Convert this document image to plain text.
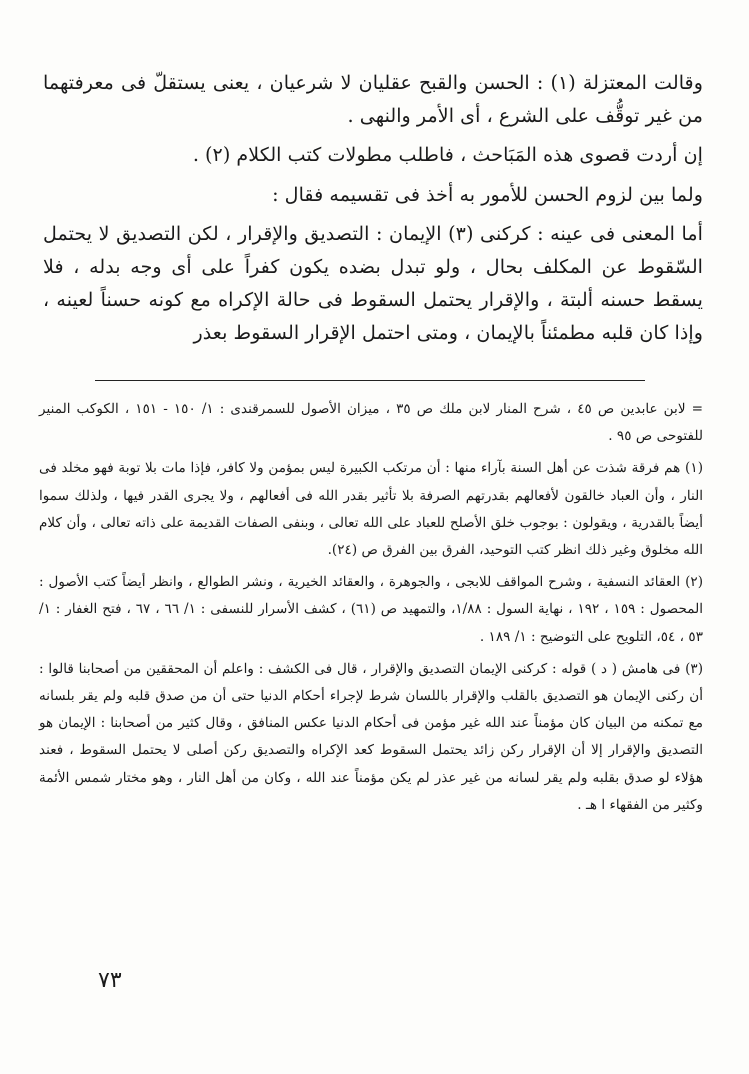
وقالت المعتزلة (١) : الحسن والقبح عقليان لا شرعيان ، يعنى يستقلّ فى معرفتهما من غير توقُّف على الشرع ، أى الأمر والنهى .

إن أردت قصوى هذه المَبَاحث ، فاطلب مطولات كتب الكلام (٢) .

ولما بين لزوم الحسن للأمور به أخذ فى تقسيمه فقال :

أما المعنى فى عينه : كركنى (٣) الإيمان : التصديق والإقرار ، لكن التصديق لا يحتمل السّقوط عن المكلف بحال ، ولو تبدل بضده يكون كفراً على أى وجه بدله ، فلا يسقط حسنه ألبتة ، والإقرار يحتمل السقوط فى حالة الإكراه مع كونه حسناً لعينه ، وإذا كان قلبه مطمئناً بالإيمان ، ومتى احتمل الإقرار السقوط بعذر

= لابن عابدين ص ٤٥ ، شرح المنار لابن ملك ص ٣٥ ، ميزان الأصول للسمرقندى : ١/ ١٥٠ - ١٥١ ، الكوكب المنير للفتوحى ص ٩٥ .

(١) هم فرقة شذت عن أهل السنة بآراء منها : أن مرتكب الكبيرة ليس بمؤمن ولا كافر، فإذا مات بلا توبة فهو مخلد فى النار ، وأن العباد خالقون لأفعالهم بقدرتهم الصرفة بلا تأثير بقدر الله فى أفعالهم ، ولا يجرى القدر فيها ، ولذلك سموا أيضاً بالقدرية ، ويقولون : بوجوب خلق الأصلح للعباد على الله تعالى ، وبنفى الصفات القديمة على ذاته تعالى ، وأن كلام الله مخلوق وغير ذلك انظر كتب التوحيد، الفرق بين الفرق ص (٢٤).

(٢) العقائد النسفية ، وشرح المواقف للابجى ، والجوهرة ، والعقائد الخيرية ، ونشر الطوالع ، وانظر أيضاً كتب الأصول : المحصول : ١٥٩ ، ١٩٢ ، نهاية السول : ١/٨٨، والتمهيد ص (٦١) ، كشف الأسرار للنسفى : ١/ ٦٦ ، ٦٧ ، فتح الغفار : ١/ ٥٣ ، ٥٤، التلويح على التوضيح : ١/ ١٨٩ .

(٣) فى هامش ( د ) قوله : كركنى الإيمان التصديق والإقرار ، قال فى الكشف : واعلم أن المحققين من أصحابنا قالوا : أن ركنى الإيمان هو التصديق بالقلب والإقرار باللسان شرط لإجراء أحكام الدنيا حتى أن من صدق قلبه ولم يقر بلسانه مع تمكنه من البيان كان مؤمناً عند الله غير مؤمن فى أحكام الدنيا عكس المنافق ، وقال كثير من أصحابنا : الإيمان هو التصديق والإقرار إلا أن الإقرار ركن زائد يحتمل السقوط كعد الإكراه والتصديق ركن أصلى لا يحتمل السقوط ، فعند هؤلاء لو صدق بقلبه ولم يقر لسانه من غير عذر لم يكن مؤمناً عند الله ، وكان من أهل النار ، وهو مختار شمس الأئمة وكثير من الفقهاء ا هـ .

٧٣
